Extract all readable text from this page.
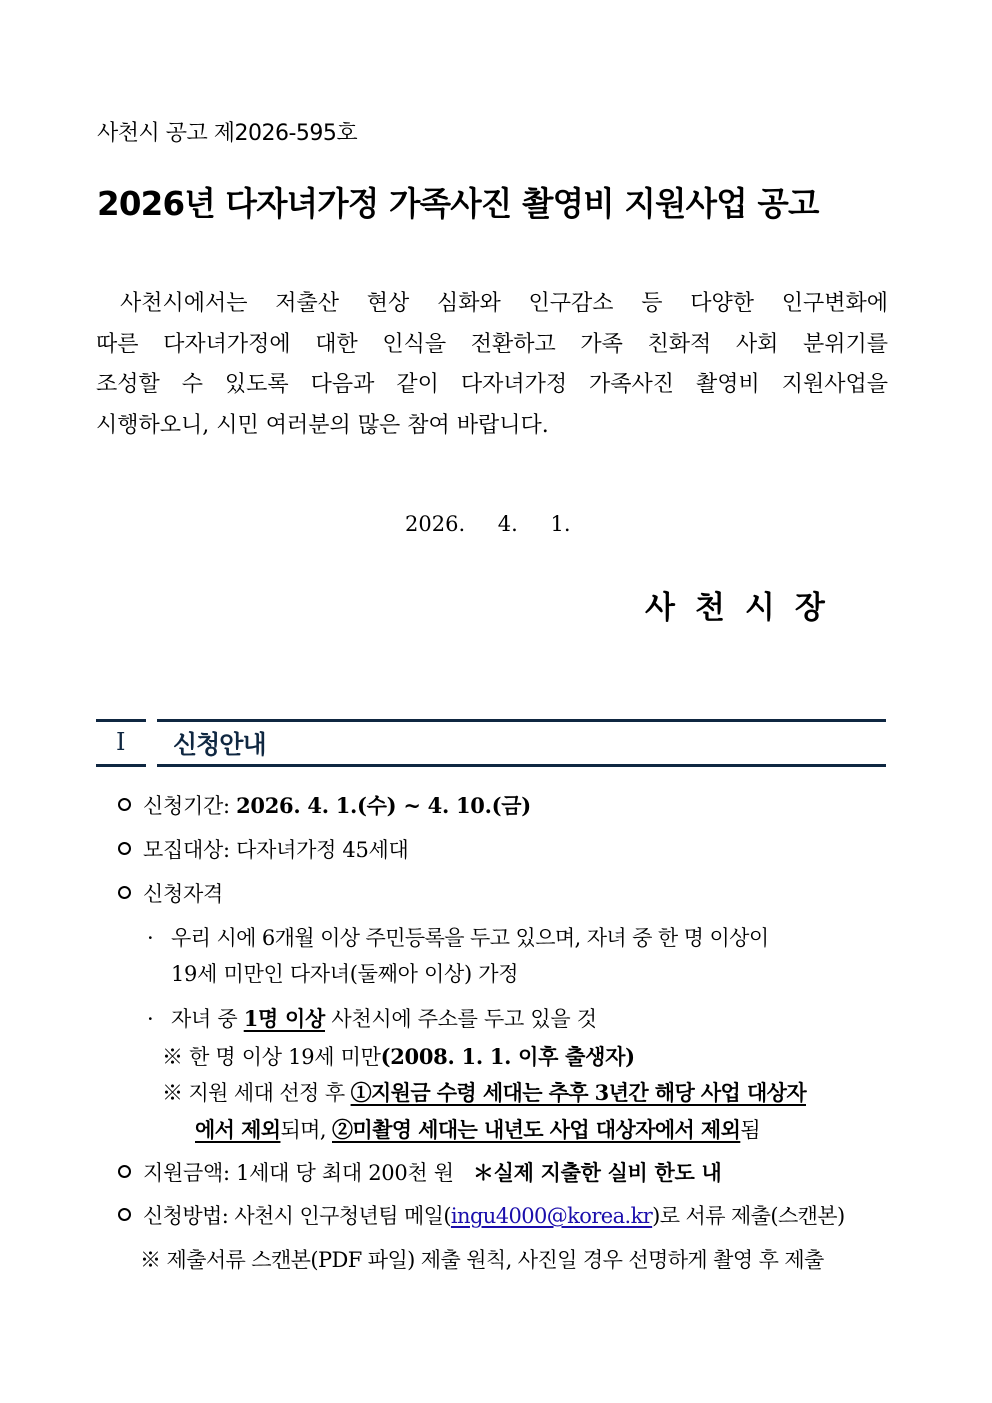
사천시 공고 제2026-595호
2026년 다자녀가정 가족사진 촬영비 지원사업 공고
사천시에서는 저출산 현상 심화와 인구감소 등 다양한 인구변화에
따른 다자녀가정에 대한 인식을 전환하고 가족 친화적 사회 분위기를
조성할 수 있도록 다음과 같이 다자녀가정 가족사진 촬영비 지원사업을
시행하오니, 시민 여러분의 많은 참여 바랍니다.
2026. 4. 1.
사천시장
Ⅰ 신청안내
신청기간: 2026. 4. 1.(수) ~ 4. 10.(금)
모집대상: 다자녀가정 45세대
신청자격
· 우리 시에 6개월 이상 주민등록을 두고 있으며, 자녀 중 한 명 이상이
19세 미만인 다자녀(둘째아 이상) 가정
· 자녀 중 1명 이상 사천시에 주소를 두고 있을 것
※ 한 명 이상 19세 미만(2008. 1. 1. 이후 출생자)
※ 지원 세대 선정 후 ①지원금 수령 세대는 추후 3년간 해당 사업 대상자
에서 제외되며, ②미촬영 세대는 내년도 사업 대상자에서 제외됨
지원금액: 1세대 당 최대 200천 원 ＊실제 지출한 실비 한도 내
신청방법: 사천시 인구청년팀 메일(ingu4000@korea.kr)로 서류 제출(스캔본)
※ 제출서류 스캔본(PDF 파일) 제출 원칙, 사진일 경우 선명하게 촬영 후 제출
